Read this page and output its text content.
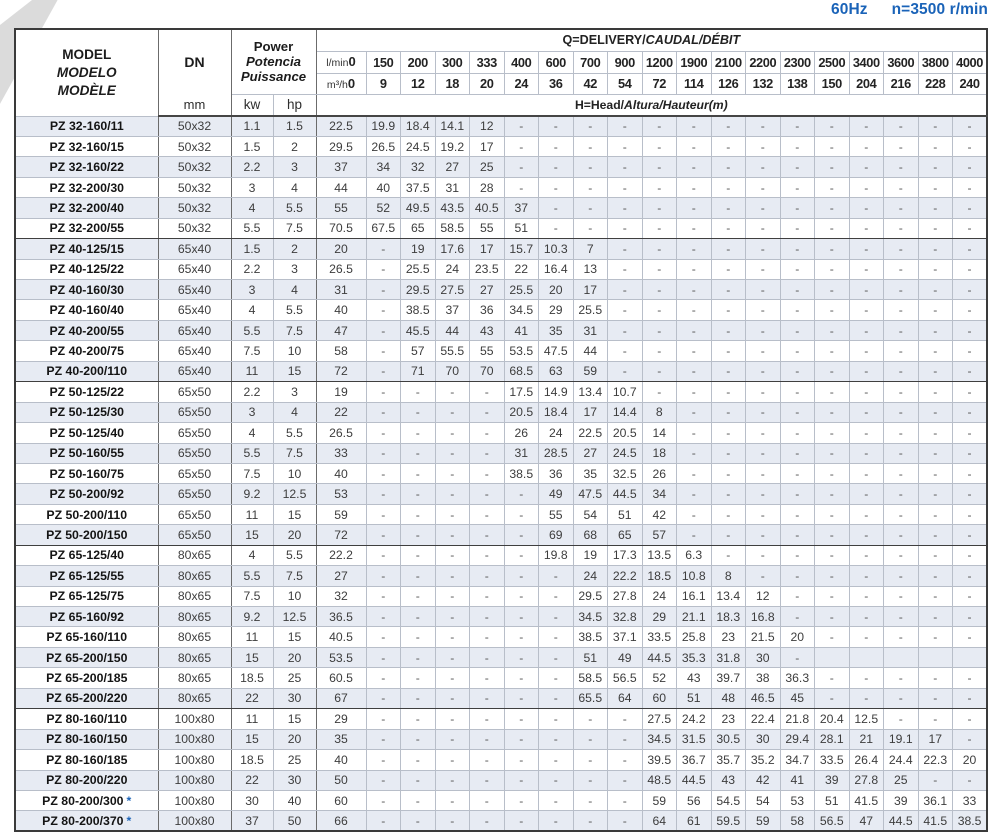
60Hz n=3500 r/min
MODEL
MODELO
MODÈLE
	DN	
Power
Potencia
Puissance
	Q=DELIVERY/CAUDAL/DÉBIT
				l/min0	150	200	300	333	400	600	700	900	1200	1900	2100	2200	2300	2500	3400	3600	3800	4000
				m³/h0	9	12	18	20	24	36	42	54	72	114	126	132	138	150	204	216	228	240
	mm	kw	hp	H=Head/Altura/Hauteur(m)																		
PZ 32-160/11	50x32	1.1	1.5	22.5	19.9	18.4	14.1	12	-	-	-	-	-	-	-	-	-	-	-	-	-	-
PZ 32-160/15	50x32	1.5	2	29.5	26.5	24.5	19.2	17	-	-	-	-	-	-	-	-	-	-	-	-	-	-
PZ 32-160/22	50x32	2.2	3	37	34	32	27	25	-	-	-	-	-	-	-	-	-	-	-	-	-	-
PZ 32-200/30	50x32	3	4	44	40	37.5	31	28	-	-	-	-	-	-	-	-	-	-	-	-	-	-
PZ 32-200/40	50x32	4	5.5	55	52	49.5	43.5	40.5	37	-	-	-	-	-	-	-	-	-	-	-	-	-
PZ 32-200/55	50x32	5.5	7.5	70.5	67.5	65	58.5	55	51	-	-	-	-	-	-	-	-	-	-	-	-	-
PZ 40-125/15	65x40	1.5	2	20	-	19	17.6	17	15.7	10.3	7	-	-	-	-	-	-	-	-	-	-	-
PZ 40-125/22	65x40	2.2	3	26.5	-	25.5	24	23.5	22	16.4	13	-	-	-	-	-	-	-	-	-	-	-
PZ 40-160/30	65x40	3	4	31	-	29.5	27.5	27	25.5	20	17	-	-	-	-	-	-	-	-	-	-	-
PZ 40-160/40	65x40	4	5.5	40	-	38.5	37	36	34.5	29	25.5	-	-	-	-	-	-	-	-	-	-	-
PZ 40-200/55	65x40	5.5	7.5	47	-	45.5	44	43	41	35	31	-	-	-	-	-	-	-	-	-	-	-
PZ 40-200/75	65x40	7.5	10	58	-	57	55.5	55	53.5	47.5	44	-	-	-	-	-	-	-	-	-	-	-
PZ 40-200/110	65x40	11	15	72	-	71	70	70	68.5	63	59	-	-	-	-	-	-	-	-	-	-	-
PZ 50-125/22	65x50	2.2	3	19	-	-	-	-	17.5	14.9	13.4	10.7	-	-	-	-	-	-	-	-	-	-
PZ 50-125/30	65x50	3	4	22	-	-	-	-	20.5	18.4	17	14.4	8	-	-	-	-	-	-	-	-	-
PZ 50-125/40	65x50	4	5.5	26.5	-	-	-	-	26	24	22.5	20.5	14	-	-	-	-	-	-	-	-	-
PZ 50-160/55	65x50	5.5	7.5	33	-	-	-	-	31	28.5	27	24.5	18	-	-	-	-	-	-	-	-	-
PZ 50-160/75	65x50	7.5	10	40	-	-	-	-	38.5	36	35	32.5	26	-	-	-	-	-	-	-	-	-
PZ 50-200/92	65x50	9.2	12.5	53	-	-	-	-	-	49	47.5	44.5	34	-	-	-	-	-	-	-	-	-
PZ 50-200/110	65x50	11	15	59	-	-	-	-	-	55	54	51	42	-	-	-	-	-	-	-	-	-
PZ 50-200/150	65x50	15	20	72	-	-	-	-	-	69	68	65	57	-	-	-	-	-	-	-	-	-
PZ 65-125/40	80x65	4	5.5	22.2	-	-	-	-	-	19.8	19	17.3	13.5	6.3	-	-	-	-	-	-	-	-
PZ 65-125/55	80x65	5.5	7.5	27	-	-	-	-	-	-	24	22.2	18.5	10.8	8	-	-	-	-	-	-	-
PZ 65-125/75	80x65	7.5	10	32	-	-	-	-	-	-	29.5	27.8	24	16.1	13.4	12	-	-	-	-	-	-
PZ 65-160/92	80x65	9.2	12.5	36.5	-	-	-	-	-	-	34.5	32.8	29	21.1	18.3	16.8	-	-	-	-	-	-
PZ 65-160/110	80x65	11	15	40.5	-	-	-	-	-	-	38.5	37.1	33.5	25.8	23	21.5	20	-	-	-	-	-
PZ 65-200/150	80x65	15	20	53.5	-	-	-	-	-	-	51	49	44.5	35.3	31.8	30	-					
PZ 65-200/185	80x65	18.5	25	60.5	-	-	-	-	-	-	58.5	56.5	52	43	39.7	38	36.3	-	-	-	-	-
PZ 65-200/220	80x65	22	30	67	-	-	-	-	-	-	65.5	64	60	51	48	46.5	45	-	-	-	-	-
PZ 80-160/110	100x80	11	15	29	-	-	-	-	-	-	-	-	27.5	24.2	23	22.4	21.8	20.4	12.5	-	-	-
PZ 80-160/150	100x80	15	20	35	-	-	-	-	-	-	-	-	34.5	31.5	30.5	30	29.4	28.1	21	19.1	17	-
PZ 80-160/185	100x80	18.5	25	40	-	-	-	-	-	-	-	-	39.5	36.7	35.7	35.2	34.7	33.5	26.4	24.4	22.3	20
PZ 80-200/220	100x80	22	30	50	-	-	-	-	-	-	-	-	48.5	44.5	43	42	41	39	27.8	25	-	-
PZ 80-200/300 *	100x80	30	40	60	-	-	-	-	-	-	-	-	59	56	54.5	54	53	51	41.5	39	36.1	33
PZ 80-200/370 *	100x80	37	50	66	-	-	-	-	-	-	-	-	64	61	59.5	59	58	56.5	47	44.5	41.5	38.5
